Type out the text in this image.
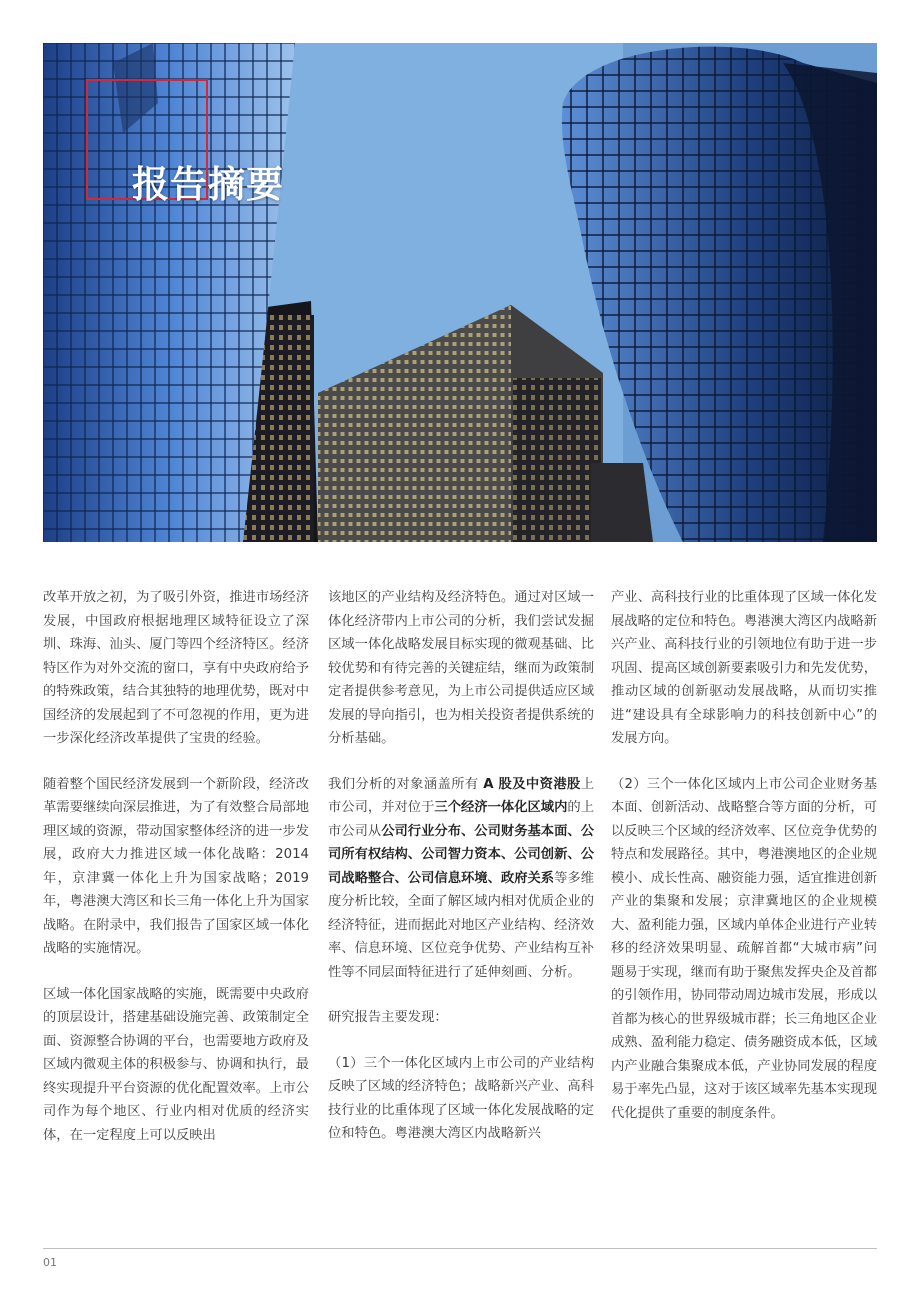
报告摘要

改革开放之初，为了吸引外资，推进市场经济发展，中国政府根据地理区域特征设立了深圳、珠海、汕头、厦门等四个经济特区。经济特区作为对外交流的窗口，享有中央政府给予的特殊政策，结合其独特的地理优势，既对中国经济的发展起到了不可忽视的作用，更为进一步深化经济改革提供了宝贵的经验。

随着整个国民经济发展到一个新阶段，经济改革需要继续向深层推进，为了有效整合局部地理区域的资源，带动国家整体经济的进一步发展，政府大力推进区域一体化战略：2014 年，京津冀一体化上升为国家战略；2019 年，粤港澳大湾区和长三角一体化上升为国家战略。在附录中，我们报告了国家区域一体化战略的实施情况。

区域一体化国家战略的实施，既需要中央政府的顶层设计，搭建基础设施完善、政策制定全面、资源整合协调的平台，也需要地方政府及区域内微观主体的积极参与、协调和执行，最终实现提升平台资源的优化配置效率。上市公司作为每个地区、行业内相对优质的经济实体，在一定程度上可以反映出

该地区的产业结构及经济特色。通过对区域一体化经济带内上市公司的分析，我们尝试发掘区域一体化战略发展目标实现的微观基础、比较优势和有待完善的关键症结，继而为政策制定者提供参考意见，为上市公司提供适应区域发展的导向指引，也为相关投资者提供系统的分析基础。

我们分析的对象涵盖所有 A 股及中资港股上市公司，并对位于三个经济一体化区域内的上市公司从公司行业分布、公司财务基本面、公司所有权结构、公司智力资本、公司创新、公司战略整合、公司信息环境、政府关系等多维度分析比较，全面了解区域内相对优质企业的经济特征，进而据此对地区产业结构、经济效率、信息环境、区位竞争优势、产业结构互补性等不同层面特征进行了延伸刻画、分析。

研究报告主要发现：

（1）三个一体化区域内上市公司的产业结构反映了区域的经济特色；战略新兴产业、高科技行业的比重体现了区域一体化发展战略的定位和特色。粤港澳大湾区内战略新兴

产业、高科技行业的比重体现了区域一体化发展战略的定位和特色。粤港澳大湾区内战略新兴产业、高科技行业的引领地位有助于进一步巩固、提高区域创新要素吸引力和先发优势，推动区域的创新驱动发展战略，从而切实推进“建设具有全球影响力的科技创新中心”的发展方向。

（2）三个一体化区域内上市公司企业财务基本面、创新活动、战略整合等方面的分析，可以反映三个区域的经济效率、区位竞争优势的特点和发展路径。其中，粤港澳地区的企业规模小、成长性高、融资能力强，适宜推进创新产业的集聚和发展；京津冀地区的企业规模大、盈利能力强，区域内单体企业进行产业转移的经济效果明显、疏解首都“大城市病”问题易于实现，继而有助于聚焦发挥央企及首都的引领作用，协同带动周边城市发展，形成以首都为核心的世界级城市群；长三角地区企业成熟、盈利能力稳定、债务融资成本低，区域内产业融合集聚成本低，产业协同发展的程度易于率先凸显，这对于该区域率先基本实现现代化提供了重要的制度条件。

01
